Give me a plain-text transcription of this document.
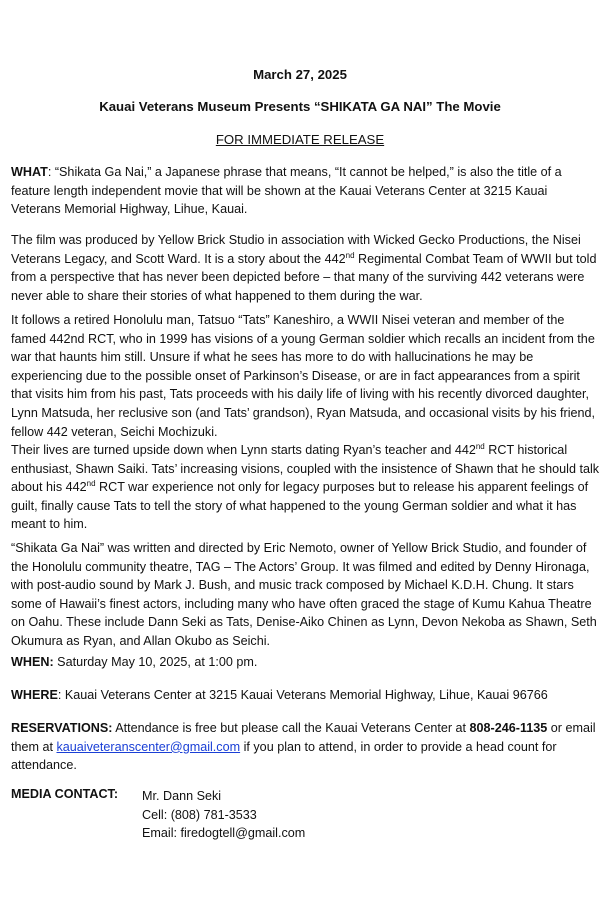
March 27, 2025
Kauai Veterans Museum Presents “SHIKATA GA NAI” The Movie
FOR IMMEDIATE RELEASE

WHAT: “Shikata Ga Nai,” a Japanese phrase that means, “It cannot be helped,” is also the title of a
feature length independent movie that will be shown at the Kauai Veterans Center at 3215 Kauai
Veterans Memorial Highway, Lihue, Kauai.

The film was produced by Yellow Brick Studio in association with Wicked Gecko Productions, the Nisei
Veterans Legacy, and Scott Ward. It is a story about the 442nd Regimental Combat Team of WWII but told
from a perspective that has never been depicted before – that many of the surviving 442 veterans were
never able to share their stories of what happened to them during the war.

It follows a retired Honolulu man, Tatsuo “Tats” Kaneshiro, a WWII Nisei veteran and member of the
famed 442nd RCT, who in 1999 has visions of a young German soldier which recalls an incident from the
war that haunts him still. Unsure if what he sees has more to do with hallucinations he may be
experiencing due to the possible onset of Parkinson’s Disease, or are in fact appearances from a spirit
that visits him from his past, Tats proceeds with his daily life of living with his recently divorced daughter,
Lynn Matsuda, her reclusive son (and Tats’ grandson), Ryan Matsuda, and occasional visits by his friend,
fellow 442 veteran, Seichi Mochizuki.

Their lives are turned upside down when Lynn starts dating Ryan’s teacher and 442nd RCT historical
enthusiast, Shawn Saiki. Tats’ increasing visions, coupled with the insistence of Shawn that he should talk
about his 442nd RCT war experience not only for legacy purposes but to release his apparent feelings of
guilt, finally cause Tats to tell the story of what happened to the young German soldier and what it has
meant to him.

“Shikata Ga Nai” was written and directed by Eric Nemoto, owner of Yellow Brick Studio, and founder of
the Honolulu community theatre, TAG – The Actors’ Group. It was filmed and edited by Denny Hironaga,
with post-audio sound by Mark J. Bush, and music track composed by Michael K.D.H. Chung. It stars
some of Hawaii’s finest actors, including many who have often graced the stage of Kumu Kahua Theatre
on Oahu. These include Dann Seki as Tats, Denise-Aiko Chinen as Lynn, Devon Nekoba as Shawn, Seth
Okumura as Ryan, and Allan Okubo as Seichi.

WHEN: Saturday May 10, 2025, at 1:00 pm.

WHERE: Kauai Veterans Center at 3215 Kauai Veterans Memorial Highway, Lihue, Kauai 96766

RESERVATIONS: Attendance is free but please call the Kauai Veterans Center at 808-246-1135 or email
them at kauaiveteranscenter@gmail.com if you plan to attend, in order to provide a head count for
attendance.

MEDIA CONTACT: Mr. Dann Seki
Cell: (808) 781-3533
Email: firedogtell@gmail.com
